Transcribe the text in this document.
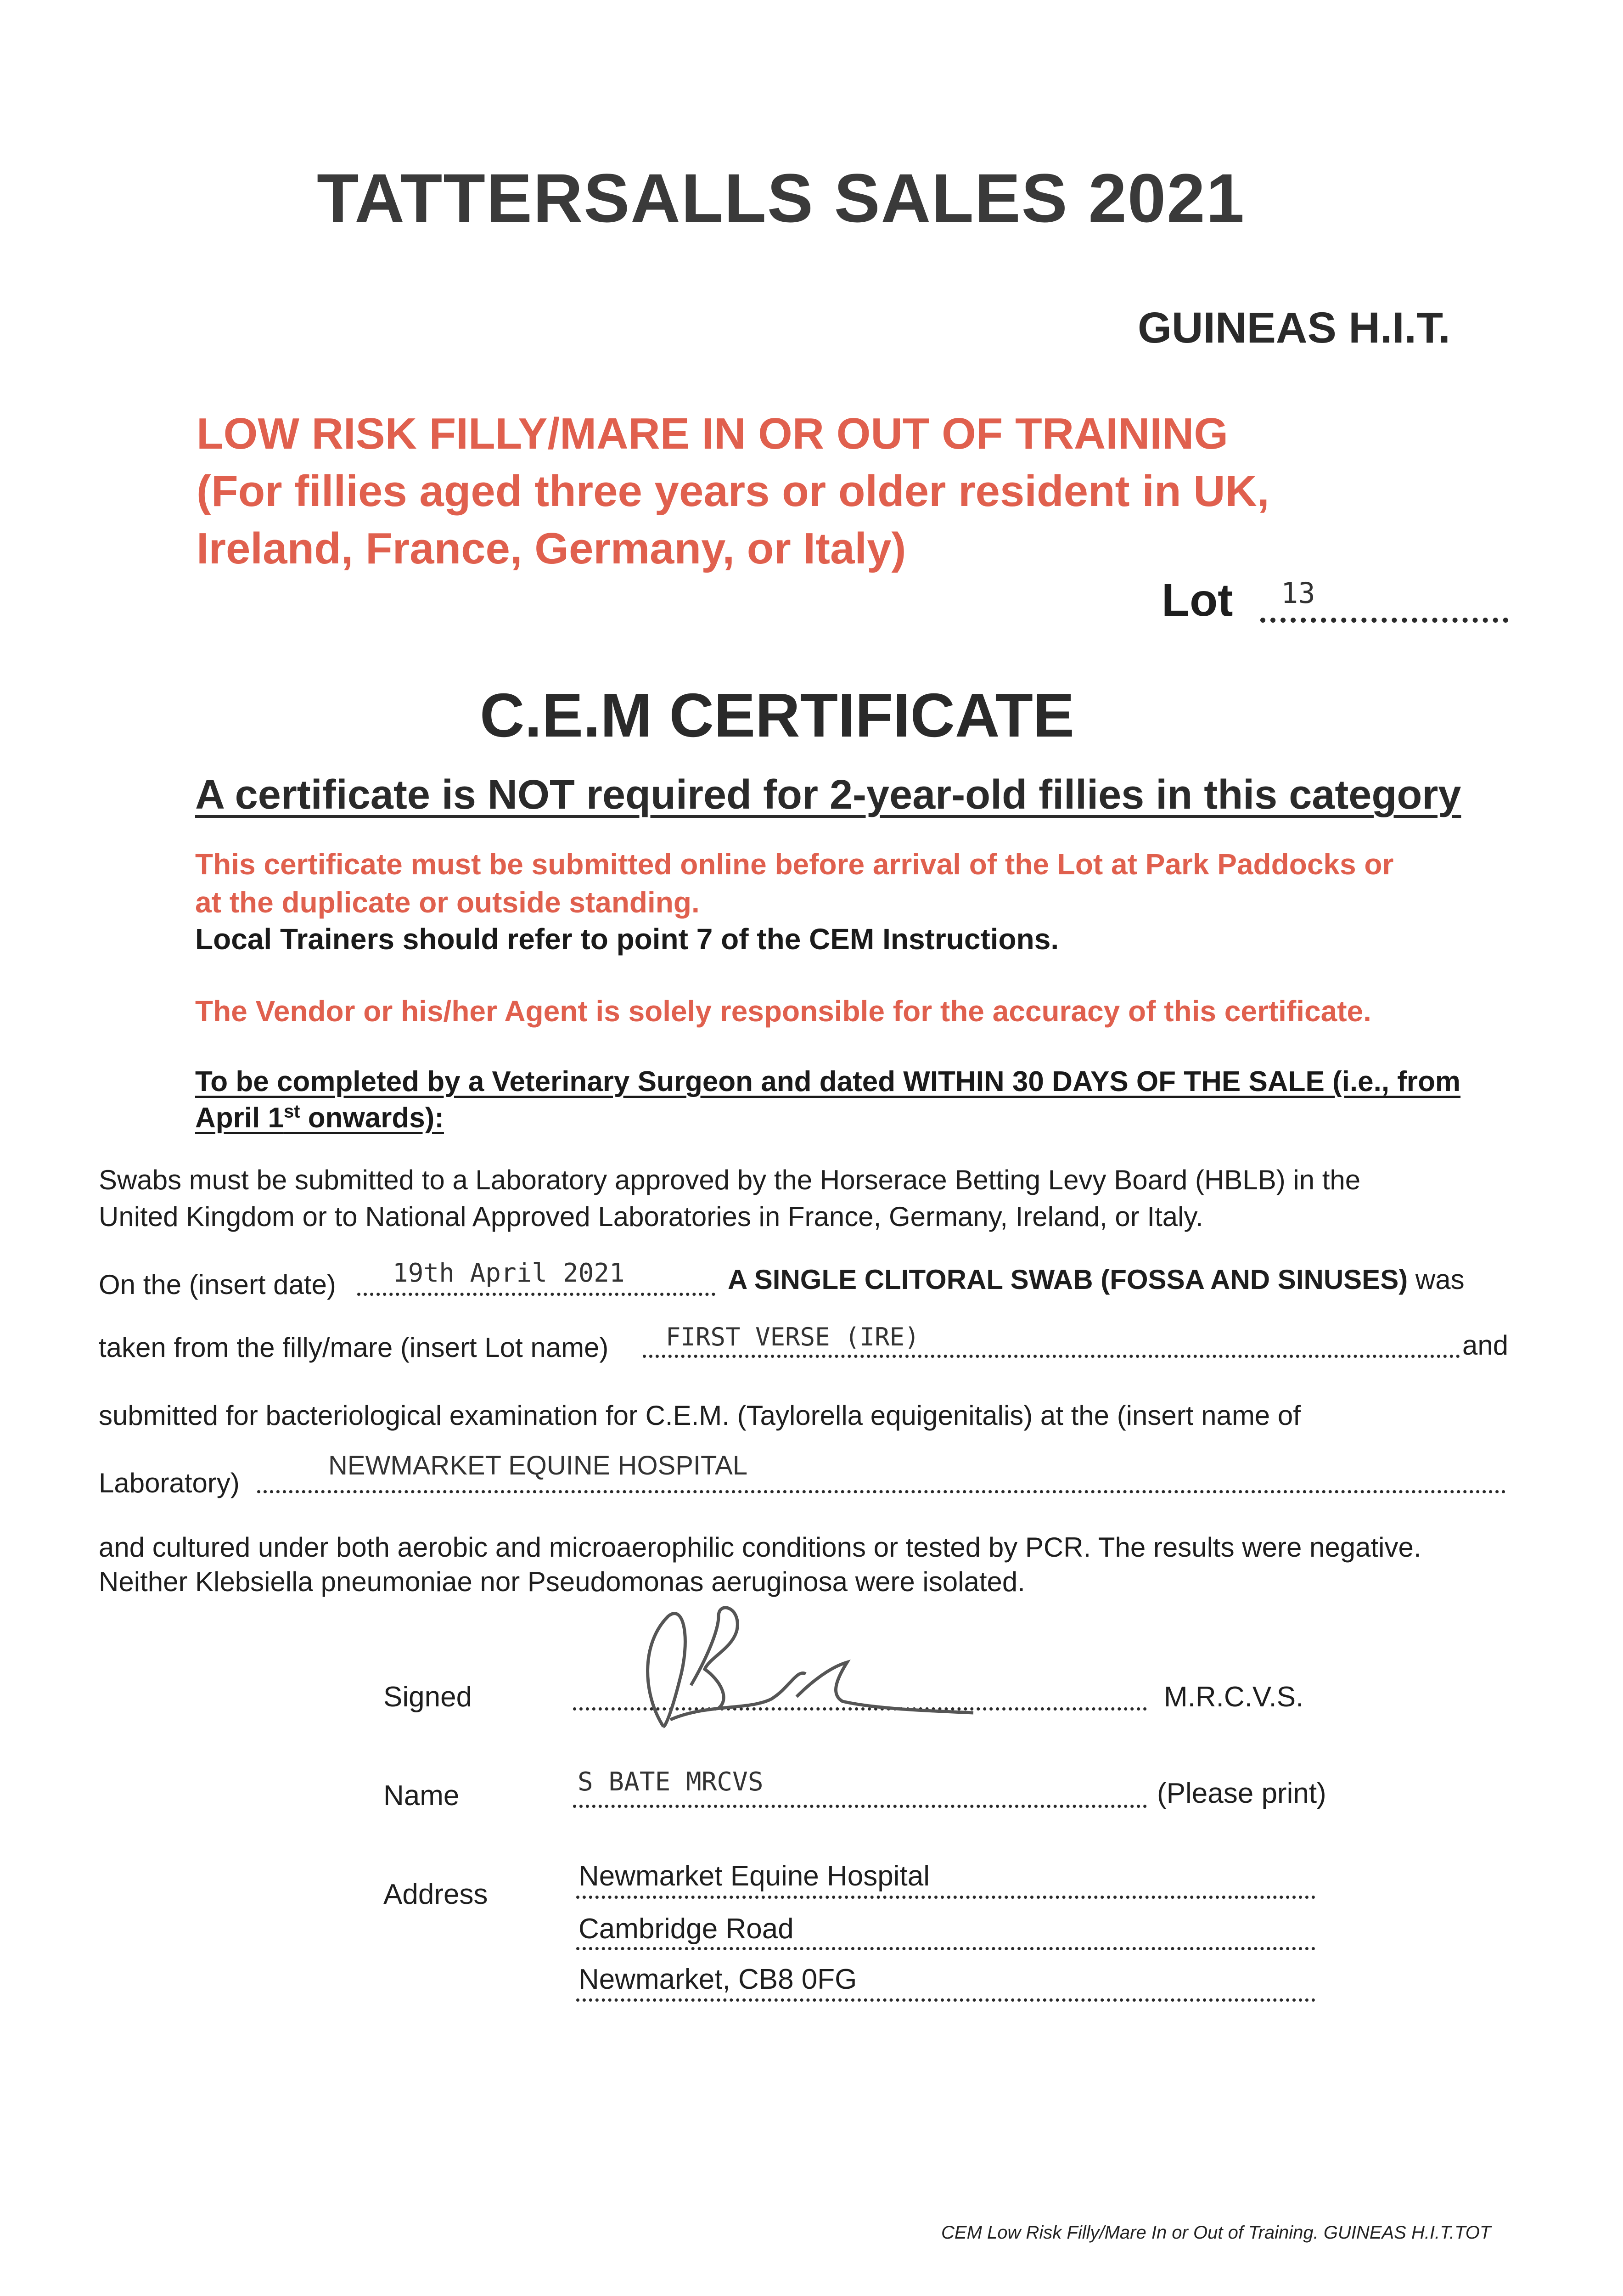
TATTERSALLS SALES 2021
GUINEAS H.I.T.
LOW RISK FILLY/MARE IN OR OUT OF TRAINING
(For fillies aged three years or older resident in UK,
Ireland, France, Germany, or Italy)
Lot 13
C.E.M CERTIFICATE
A certificate is NOT required for 2-year-old fillies in this category
This certificate must be submitted online before arrival of the Lot at Park Paddocks or
at the duplicate or outside standing.
Local Trainers should refer to point 7 of the CEM Instructions.
The Vendor or his/her Agent is solely responsible for the accuracy of this certificate.
To be completed by a Veterinary Surgeon and dated WITHIN 30 DAYS OF THE SALE (i.e., from
April 1st onwards):
Swabs must be submitted to a Laboratory approved by the Horserace Betting Levy Board (HBLB) in the
United Kingdom or to National Approved Laboratories in France, Germany, Ireland, or Italy.
On the (insert date) 19th April 2021	A SINGLE CLITORAL SWAB (FOSSA AND SINUSES) was
taken from the filly/mare (insert Lot name) FIRST VERSE (IRE)	and
submitted for bacteriological examination for C.E.M. (Taylorella equigenitalis) at the (insert name of
Laboratory)
NEWMARKET EQUINE HOSPITAL
and cultured under both aerobic and microaerophilic conditions or tested by PCR. The results were negative.
Neither Klebsiella pneumoniae nor Pseudomonas aeruginosa were isolated.
Signed	M.R.C.V.S.
Name	S BATE MRCVS	(Please print)
Address
Newmarket Equine Hospital
Cambridge Road
Newmarket, CB8 0FG
CEM Low Risk Filly/Mare In or Out of Training. GUINEAS H.I.T.TOT
